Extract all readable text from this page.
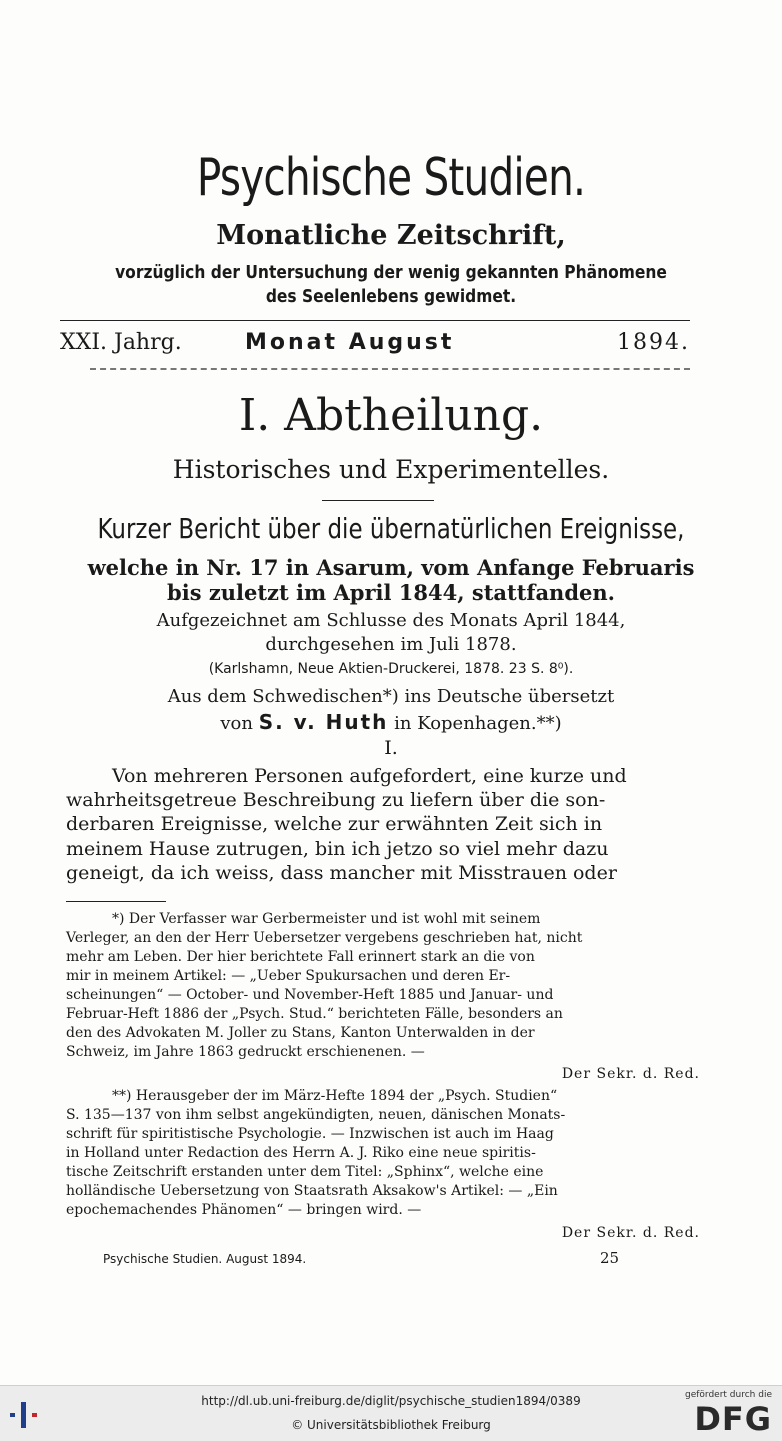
Psychische Studien.
Monatliche Zeitschrift,
vorzüglich der Untersuchung der wenig gekannten Phänomene
des Seelenlebens gewidmet.
XXI. Jahrg.	Monat August	1894.
I. Abtheilung.
Historisches und Experimentelles.
Kurzer Bericht über die übernatürlichen Ereignisse,
welche in Nr. 17 in Asarum, vom Anfange Februaris
bis zuletzt im April 1844, stattfanden.
Aufgezeichnet am Schlusse des Monats April 1844,
durchgesehen im Juli 1878.
(Karlshamn, Neue Aktien-Druckerei, 1878. 23 S. 8⁰).
Aus dem Schwedischen*) ins Deutsche übersetzt
von S. v. Huth in Kopenhagen.**)
I.
Von mehreren Personen aufgefordert, eine kurze und
wahrheitsgetreue Beschreibung zu liefern über die son-
derbaren Ereignisse, welche zur erwähnten Zeit sich in
meinem Hause zutrugen, bin ich jetzo so viel mehr dazu
geneigt, da ich weiss, dass mancher mit Misstrauen oder
*) Der Verfasser war Gerbermeister und ist wohl mit seinem
Verleger, an den der Herr Uebersetzer vergebens geschrieben hat, nicht
mehr am Leben. Der hier berichtete Fall erinnert stark an die von
mir in meinem Artikel: — „Ueber Spukursachen und deren Er-
scheinungen“ — October- und November-Heft 1885 und Januar- und
Februar-Heft 1886 der „Psych. Stud.“ berichteten Fälle, besonders an
den des Advokaten M. Joller zu Stans, Kanton Unterwalden in der
Schweiz, im Jahre 1863 gedruckt erschienenen. —
Der Sekr. d. Red.
**) Herausgeber der im März-Hefte 1894 der „Psych. Studien“
S. 135—137 von ihm selbst angekündigten, neuen, dänischen Monats-
schrift für spiritistische Psychologie. — Inzwischen ist auch im Haag
in Holland unter Redaction des Herrn A. J. Riko eine neue spiritis-
tische Zeitschrift erstanden unter dem Titel: „Sphinx“, welche eine
holländische Uebersetzung von Staatsrath Aksakow's Artikel: — „Ein
epochemachendes Phänomen“ — bringen wird. —
Der Sekr. d. Red.
Psychische Studien. August 1894.	25
http://dl.ub.uni-freiburg.de/diglit/psychische_studien1894/0389
© Universitätsbibliothek Freiburg
gefördert durch die
DFG
